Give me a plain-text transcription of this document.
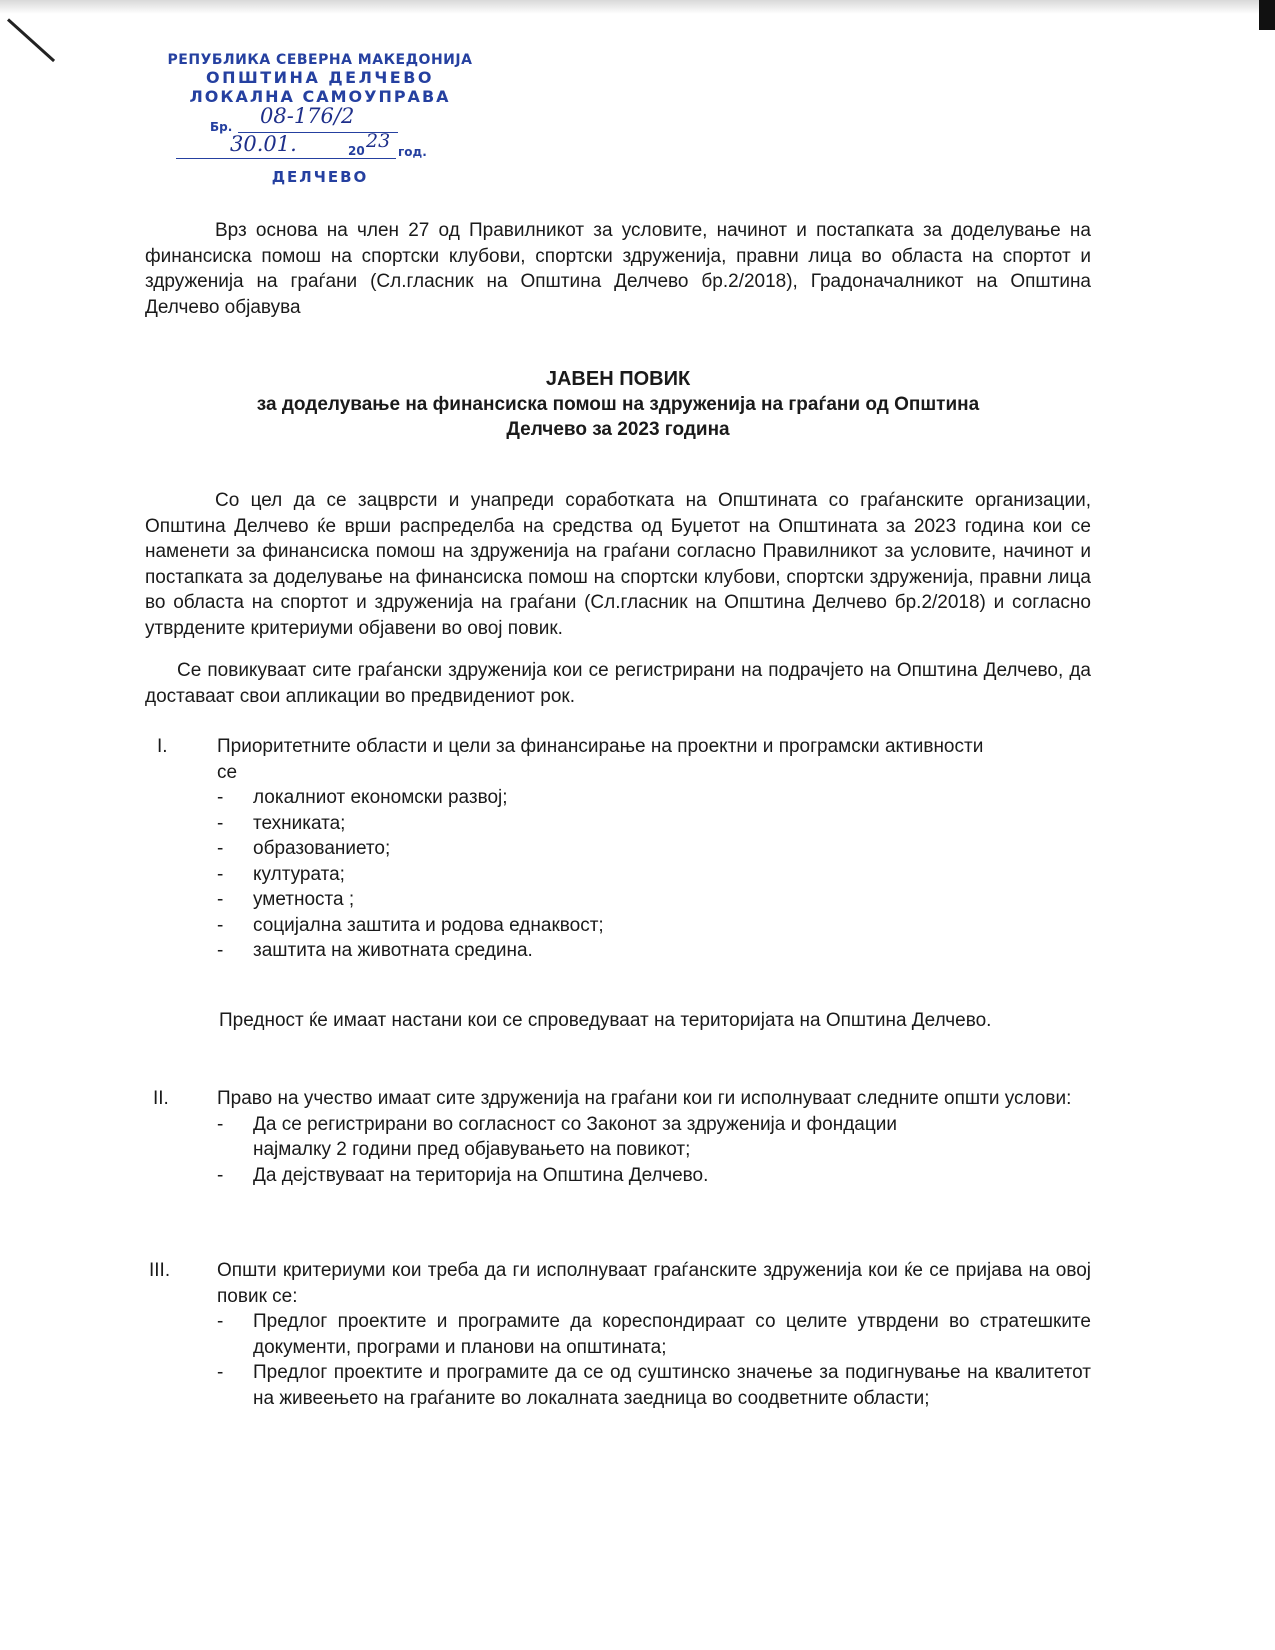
РЕПУБЛИКА СЕВЕРНА МАКЕДОНИЈА
ОПШТИНА ДЕЛЧЕВО
ЛОКАЛНА САМОУПРАВА
Бр. 08-176/2
30.01.	20 23 год.
ДЕЛЧЕВО
Врз основа на член 27 од Правилникот за условите, начинот и постапката за доделување на финансиска помош на спортски клубови, спортски здруженија, правни лица во областа на спортот и здруженија на граѓани (Сл.гласник на Општина Делчево бр.2/2018), Градоначалникот на Општина Делчево објавува
ЈАВЕН ПОВИК
за доделување на финансиска помош на здруженија на граѓани од Општина
Делчево за 2023 година
Со цел да се зацврсти и унапреди соработката на Општината со граѓанските организации, Општина Делчево ќе врши распределба на средства од Буџетот на Општината за 2023 година кои се наменети за финансиска помош на здруженија на граѓани согласно Правилникот за условите, начинот и постапката за доделување на финансиска помош на спортски клубови, спортски здруженија, правни лица во областа на спортот и здруженија на граѓани (Сл.гласник на Општина Делчево бр.2/2018) и согласно утврдените критериуми објавени во овој повик.
Се повикуваат сите граѓански здруженија кои се регистрирани на подрачјето на Општина Делчево, да доставаат свои апликации во предвидениот рок.
I.	Приоритетните области и цели за финансирање на проектни и програмски активности се
- локалниот економски развој;
- техниката;
- образованието;
- културата;
- уметноста ;
- социјална заштита и родова еднаквост;
- заштита на животната средина.
Предност ќе имаат настани кои се спроведуваат на територијата на Општина Делчево.
II.	Право на учество имаат сите здруженија на граѓани кои ги исполнуваат следните општи услови:
- Да се регистрирани во согласност со Законот за здруженија и фондации најмалку 2 години пред објавувањето на повикот;
- Да дејствуваат на територија на Општина Делчево.
III.	Општи критериуми кои треба да ги исполнуваат граѓанските здруженија кои ќе се пријава на овој повик се:
- Предлог проектите и програмите да кореспондираат со целите утврдени во стратешките документи, програми и планови на општината;
- Предлог проектите и програмите да се од суштинско значење за подигнување на квалитетот на живеењето на граѓаните во локалната заедница во соодветните области;
